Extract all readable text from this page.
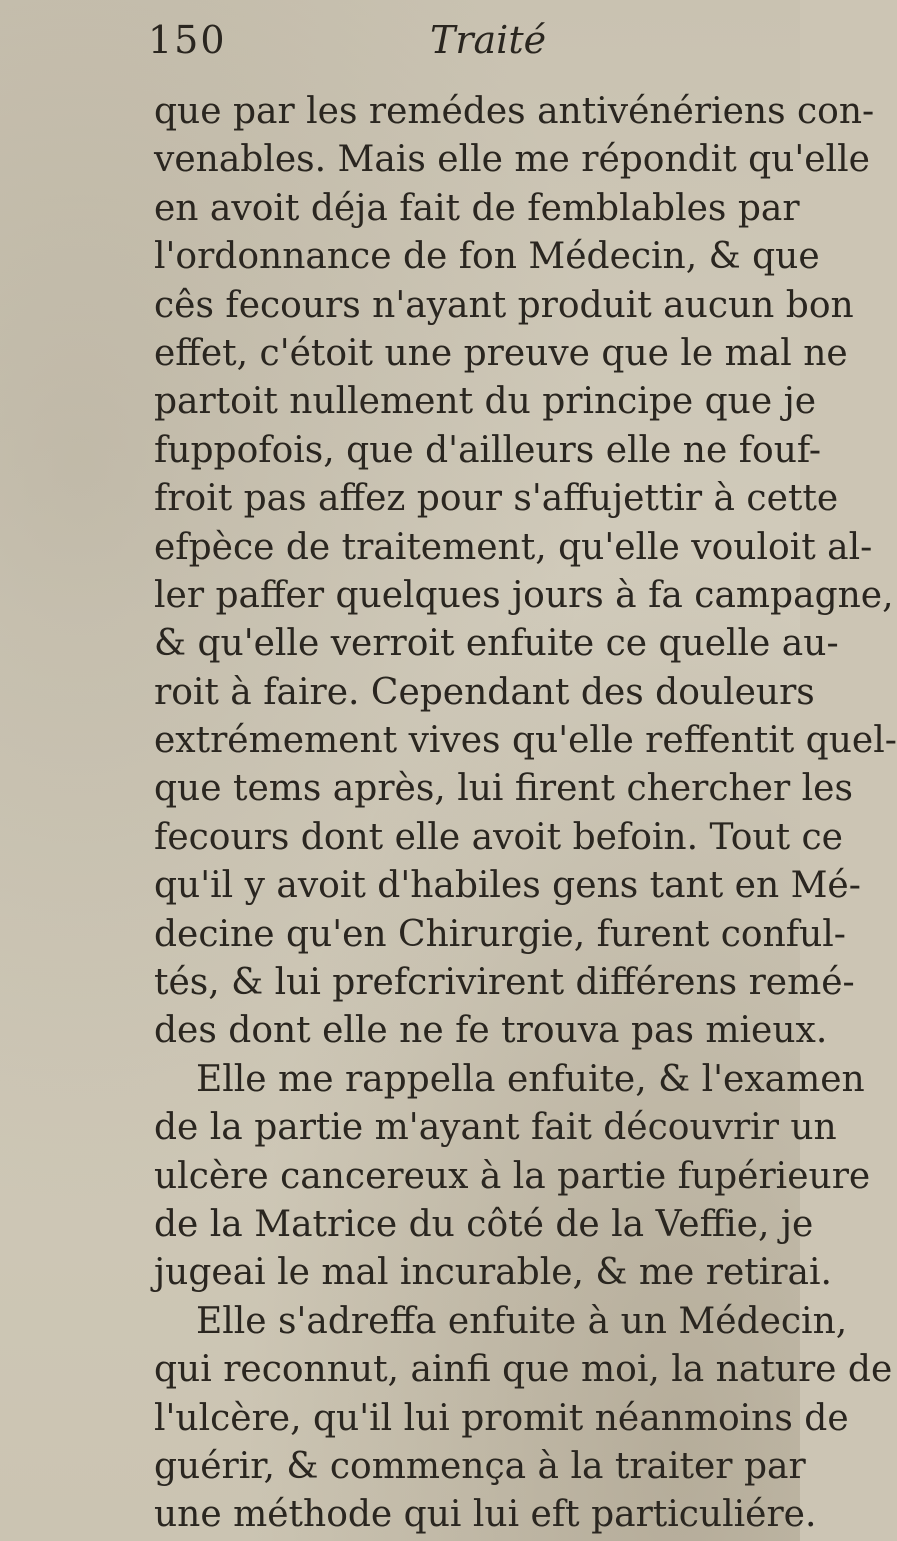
150	Traité
que par les remédes antivénériens con-
venables. Mais elle me répondit qu'elle
en avoit déja fait de femblables par
l'ordonnance de fon Médecin, & que
cês fecours n'ayant produit aucun bon
effet, c'étoit une preuve que le mal ne
partoit nullement du principe que je
fuppofois, que d'ailleurs elle ne fouf-
froit pas affez pour s'affujettir à cette
efpèce de traitement, qu'elle vouloit al-
ler paffer quelques jours à fa campagne,
& qu'elle verroit enfuite ce quelle au-
roit à faire. Cependant des douleurs
extrémement vives qu'elle reffentit quel-
que tems après, lui firent chercher les
fecours dont elle avoit befoin. Tout ce
qu'il y avoit d'habiles gens tant en Mé-
decine qu'en Chirurgie, furent conful-
tés, & lui prefcrivirent différens remé-
des dont elle ne fe trouva pas mieux.
Elle me rappella enfuite, & l'examen
de la partie m'ayant fait découvrir un
ulcère cancereux à la partie fupérieure
de la Matrice du côté de la Veffie, je
jugeai le mal incurable, & me retirai.
Elle s'adreffa enfuite à un Médecin,
qui reconnut, ainfi que moi, la nature de
l'ulcère, qu'il lui promit néanmoins de
guérir, & commença à la traiter par
une méthode qui lui eft particuliére.
